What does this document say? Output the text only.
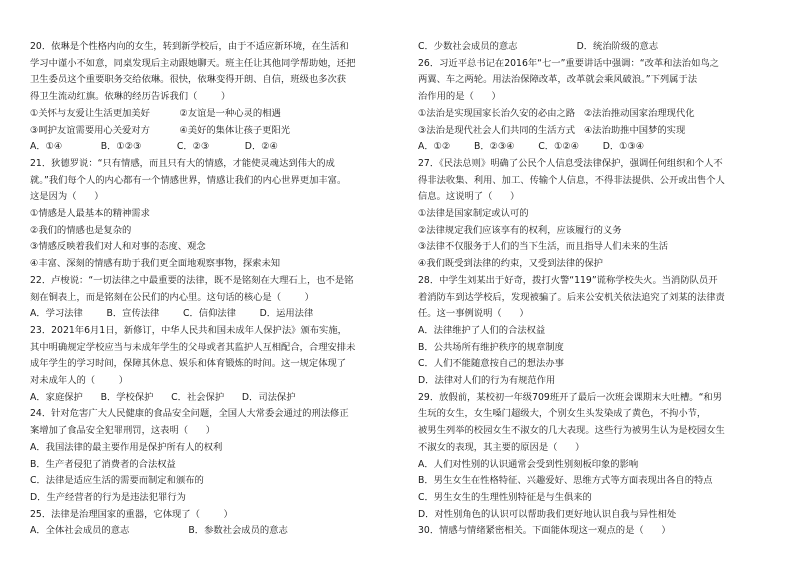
20．依琳是个性格内向的女生，转到新学校后，由于不适应新环境，在生活和
学习中谨小不如意，同桌发现后主动跟她聊天。班主任让其他同学帮助她，还把
卫生委员这个重要职务交给依琳。很快，依琳变得开朗、自信，班级也多次获
得卫生流动红旗。依琳的经历告诉我们（        ）
①关怀与友爱让生活更加美好          ②友谊是一种心灵的相遇
③呵护友谊需要用心关爱对方          ④美好的集体让孩子更阳光
A．①④             B．①②③            C．②③            D．②④
21．狄德罗说：“只有情感，而且只有大的情感，才能使灵魂达到伟大的成
就。”我们每个人的内心都有一个情感世界，情感让我们的内心世界更加丰富。
这是因为（      ）
①情感是人最基本的精神需求
②我们的情感也是复杂的
③情感反映着我们对人和对事的态度、观念
④丰富、深刻的情感有助于我们更全面地观察事物，探索未知
22．卢梭说：“一切法律之中最重要的法律，既不是铭刻在大理石上，也不是铭
刻在铜表上，而是铭刻在公民们的内心里。这句话的核心是（        ）
A．学习法律        B．宣传法律        C．信仰法律        D．运用法律
23．2021年6月1日，新修订，中华人民共和国未成年人保护法》颁布实施，
其中明确规定学校应当与未成年学生的父母或者其监护人互相配合，合理安排未
成年学生的学习时间，保障其休息、娱乐和体育锻炼的时间。这一规定体现了
对未成年人的（        ）
A．家庭保护      B．学校保护      C．社会保护      D．司法保护
24．针对危害广大人民健康的食品安全问题，全国人大常委会通过的刑法修正
案增加了食品安全犯罪刑罚，这表明（      ）
A．我国法律的最主要作用是保护所有人的权利
B．生产者侵犯了消费者的合法权益
C．法律是适应生活的需要而制定和颁布的
D．生产经营者的行为是违法犯罪行为
25．法律是治理国家的重器，它体现了（        ）
A．全体社会成员的意志                    B．参数社会成员的意志
C．少数社会成员的意志                    D．统治阶级的意志
26．习近平总书记在2016年“七一”重要讲话中强调：“改革和法治如鸟之
两翼、车之两轮。用法治保障改革，改革就会乘风破浪。”下列属于法
治作用的是（      ）
①法治是实现国家长治久安的必由之路   ②法治推动国家治理现代化
③法治是现代社会人们共同的生活方式   ④法治助推中国梦的实现
A．①②        B．②③④        C．①②④        D．①③④
27．《民法总则》明确了公民个人信息受法律保护，强调任何组织和个人不
得非法收集、利用、加工、传输个人信息，不得非法提供、公开或出售个人
信息。这说明了（      ）
①法律是国家制定或认可的
②法律规定我们应该享有的权利，应该履行的义务
③法律不仅服务于人们的当下生活，而且指导人们未来的生活
④我们既受到法律的约束，又受到法律的保护
28．中学生刘某出于好奇，拨打火警“119”谎称学校失火。当消防队员开
着消防车到达学校后，发现被骗了。后来公安机关依法追究了刘某的法律责
任。这一事例说明（      ）
A．法律维护了人们的合法权益
B．公共场所有维护秩序的规章制度
C．人们不能随意按自己的想法办事
D．法律对人们的行为有规范作用
29．放假前，某校初一年级709班开了最后一次班会课期末大吐槽。“和男
生玩的女生，女生嗓门超级大，个别女生头发染成了黄色，不拘小节，
被男生列举的校园女生不淑女的几大表现。这些行为被男生认为是校园女生
不淑女的表现，其主要的原因是（      ）
A．人们对性别的认识通常会受到性别刻板印象的影响
B．男生女生在性格特征、兴趣爱好、思维方式等方面表现出各自的特点
C．男生女生的生理性别特征是与生俱来的
D．对性别角色的认识可以帮助我们更好地认识自我与异性相处
30．情感与情绪紧密相关。下面能体现这一观点的是（      ）
